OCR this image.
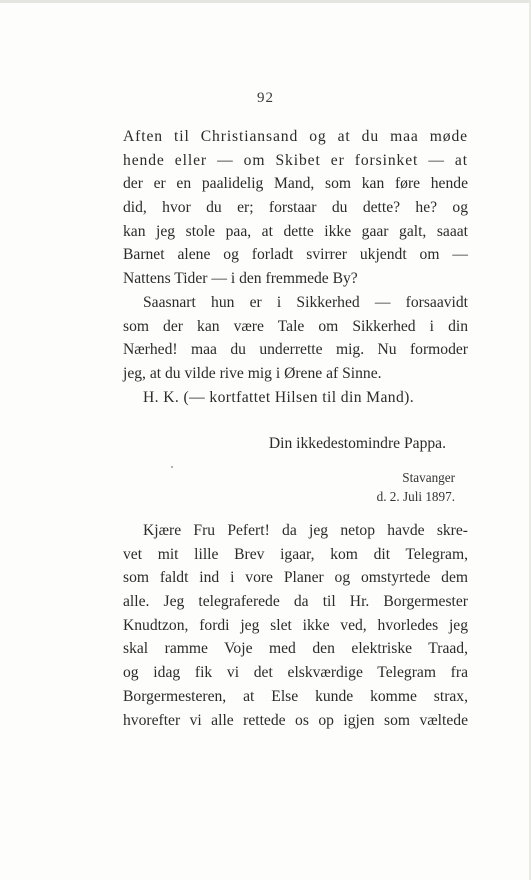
92
Aften til Christiansand og at du maa møde
hende eller — om Skibet er forsinket — at
der er en paalidelig Mand, som kan føre hende
did, hvor du er; forstaar du dette? he? og
kan jeg stole paa, at dette ikke gaar galt, saaat
Barnet alene og forladt svirrer ukjendt om —
Nattens Tider — i den fremmede By?
Saasnart hun er i Sikkerhed — forsaavidt
som der kan være Tale om Sikkerhed i din
Nærhed! maa du underrette mig. Nu formoder
jeg, at du vilde rive mig i Ørene af Sinne.
H. K. (— kortfattet Hilsen til din Mand).
Din ikkedestomindre Pappa.
Stavanger
d. 2. Juli 1897.
Kjære Fru Pefert! da jeg netop havde skre-
vet mit lille Brev igaar, kom dit Telegram,
som faldt ind i vore Planer og omstyrtede dem
alle. Jeg telegraferede da til Hr. Borgermester
Knudtzon, fordi jeg slet ikke ved, hvorledes jeg
skal ramme Voje med den elektriske Traad,
og idag fik vi det elskværdige Telegram fra
Borgermesteren, at Else kunde komme strax,
hvorefter vi alle rettede os op igjen som væltede
